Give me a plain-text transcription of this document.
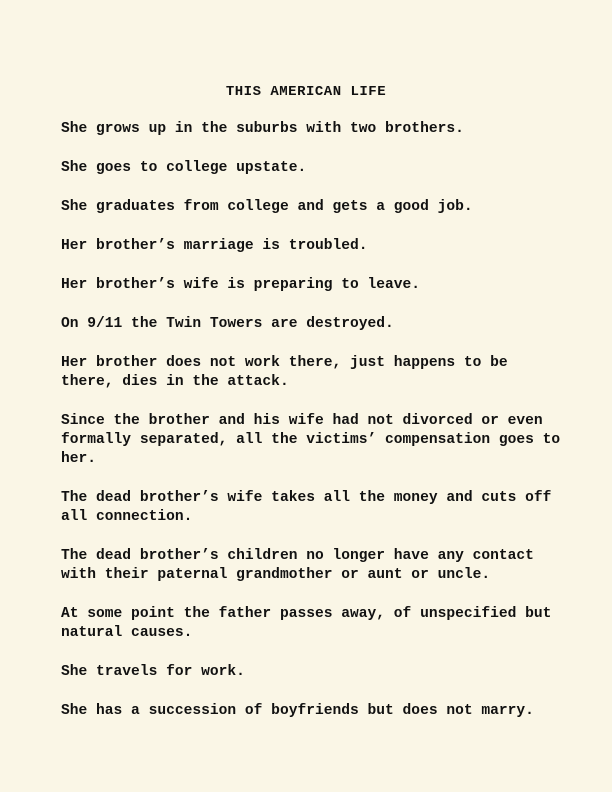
THIS AMERICAN LIFE

She grows up in the suburbs with two brothers.

She goes to college upstate.

She graduates from college and gets a good job.

Her brother’s marriage is troubled.

Her brother’s wife is preparing to leave.

On 9/11 the Twin Towers are destroyed.

Her brother does not work there, just happens to be there, dies in the attack.

Since the brother and his wife had not divorced or even formally separated, all the victims’ compensation goes to her.

The dead brother’s wife takes all the money and cuts off all connection.

The dead brother’s children no longer have any contact with their paternal grandmother or aunt or uncle.

At some point the father passes away, of unspecified but natural causes.

She travels for work.

She has a succession of boyfriends but does not marry.
